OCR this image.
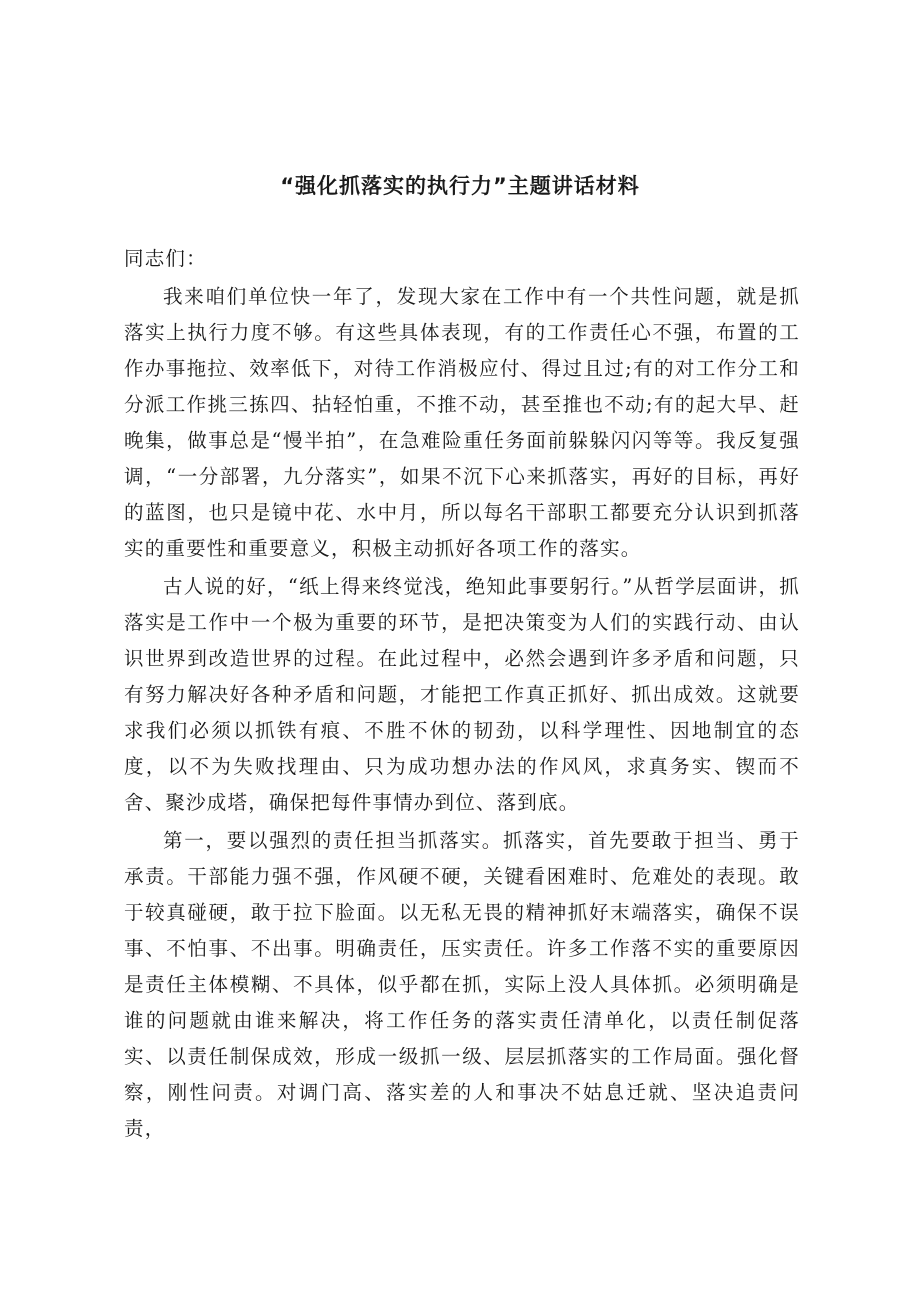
“强化抓落实的执行力”主题讲话材料

同志们：

我来咱们单位快一年了，发现大家在工作中有一个共性问题，就是抓落实上执行力度不够。有这些具体表现，有的工作责任心不强，布置的工作办事拖拉、效率低下，对待工作消极应付、得过且过;有的对工作分工和分派工作挑三拣四、拈轻怕重，不推不动，甚至推也不动;有的起大早、赶晚集，做事总是“慢半拍”，在急难险重任务面前躲躲闪闪等等。我反复强调，“一分部署，九分落实”，如果不沉下心来抓落实，再好的目标，再好的蓝图，也只是镜中花、水中月，所以每名干部职工都要充分认识到抓落实的重要性和重要意义，积极主动抓好各项工作的落实。

古人说的好，“纸上得来终觉浅，绝知此事要躬行。”从哲学层面讲，抓落实是工作中一个极为重要的环节，是把决策变为人们的实践行动、由认识世界到改造世界的过程。在此过程中，必然会遇到许多矛盾和问题，只有努力解决好各种矛盾和问题，才能把工作真正抓好、抓出成效。这就要求我们必须以抓铁有痕、不胜不休的韧劲，以科学理性、因地制宜的态度，以不为失败找理由、只为成功想办法的作风风，求真务实、锲而不舍、聚沙成塔，确保把每件事情办到位、落到底。

第一，要以强烈的责任担当抓落实。抓落实，首先要敢于担当、勇于承责。干部能力强不强，作风硬不硬，关键看困难时、危难处的表现。敢于较真碰硬，敢于拉下脸面。以无私无畏的精神抓好末端落实，确保不误事、不怕事、不出事。明确责任，压实责任。许多工作落不实的重要原因是责任主体模糊、不具体，似乎都在抓，实际上没人具体抓。必须明确是谁的问题就由谁来解决，将工作任务的落实责任清单化，以责任制促落实、以责任制保成效，形成一级抓一级、层层抓落实的工作局面。强化督察，刚性问责。对调门高、落实差的人和事决不姑息迁就、坚决追责问责，
